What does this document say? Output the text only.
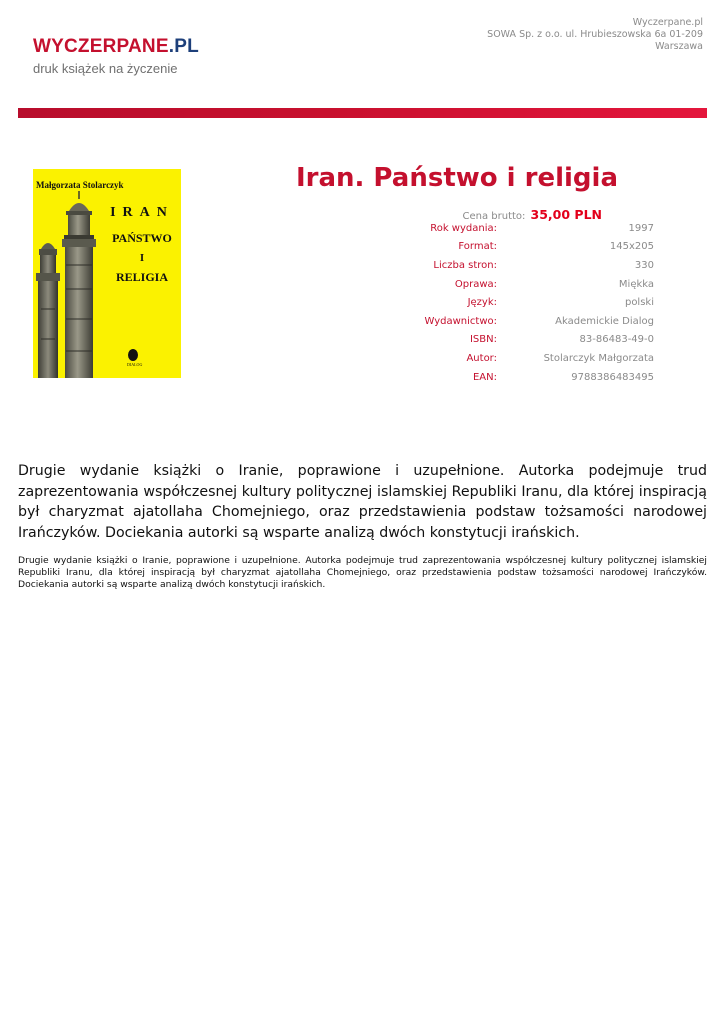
WYCZERPANE.PL
druk książek na życzenie
Wyczerpane.pl
SOWA Sp. z o.o. ul. Hrubieszowska 6a 01-209
Warszawa
Małgorzata Stolarczyk
IRAN
PAŃSTWO
I
RELIGIA
DIALOG
Iran. Państwo i religia
Cena brutto: 35,00 PLN
Rok wydania:	1997
Format:	145x205
Liczba stron:	330
Oprawa:	Miękka
Język:	polski
Wydawnictwo:	Akademickie Dialog
ISBN:	83-86483-49-0
Autor:	Stolarczyk Małgorzata
EAN:	9788386483495

Drugie wydanie książki o Iranie, poprawione i uzupełnione. Autorka podejmuje trud zaprezentowania współczesnej kultury politycznej islamskiej Republiki Iranu, dla której inspiracją był charyzmat ajatollaha Chomejniego, oraz przedstawienia podstaw tożsamości narodowej Irańczyków. Dociekania autorki są wsparte analizą dwóch konstytucji irańskich.

Drugie wydanie książki o Iranie, poprawione i uzupełnione. Autorka podejmuje trud zaprezentowania współczesnej kultury politycznej islamskiej Republiki Iranu, dla której inspiracją był charyzmat ajatollaha Chomejniego, oraz przedstawienia podstaw tożsamości narodowej Irańczyków. Dociekania autorki są wsparte analizą dwóch konstytucji irańskich.
